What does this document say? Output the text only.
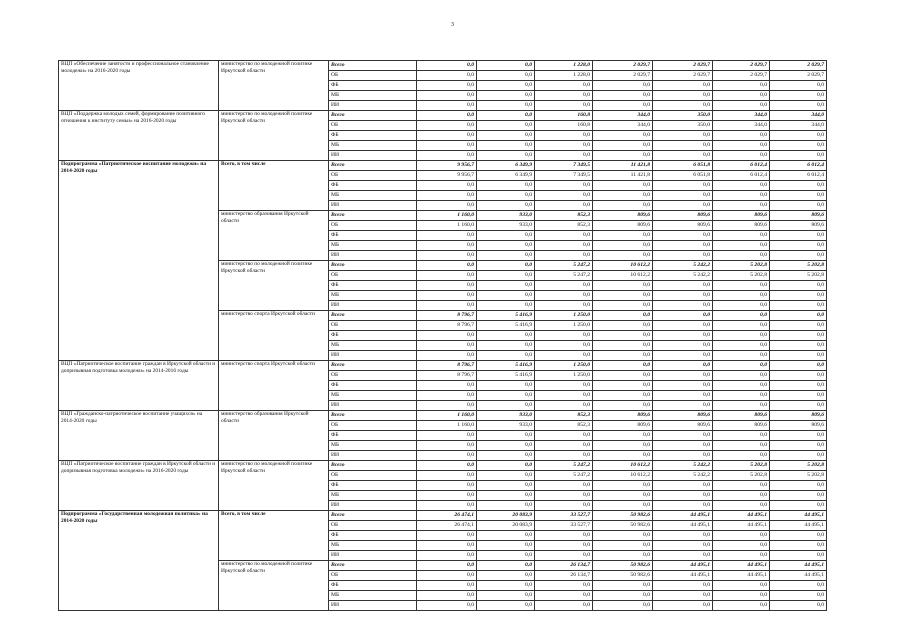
3
ВЦП «Обеспечение занятости и профессиональное становление молодежи» на 2016-2020 годы	министерство по молодежной политике Иркутской области	Всего	0,0	0,0	1 228,0	2 029,7	2 029,7	2 029,7	2 029,7
		ОБ	0,0	0,0	1 228,0	2 029,7	2 029,7	2 029,7	2 029,7
		ФБ	0,0	0,0	0,0	0,0	0,0	0,0	0,0
		МБ	0,0	0,0	0,0	0,0	0,0	0,0	0,0
		ИИ	0,0	0,0	0,0	0,0	0,0	0,0	0,0
ВЦП «Поддержка молодых семей, формирование позитивного отношения к институту семьи» на 2016-2020 годы	министерство по молодежной политике Иркутской области	Всего	0,0	0,0	160,8	344,0	350,0	344,0	344,0
		ОБ	0,0	0,0	160,8	344,0	350,0	344,0	344,0
		ФБ	0,0	0,0	0,0	0,0	0,0	0,0	0,0
		МБ	0,0	0,0	0,0	0,0	0,0	0,0	0,0
		ИИ	0,0	0,0	0,0	0,0	0,0	0,0	0,0
Подпрограмма «Патриотическое воспитание молодежи» на 2014-2020 годы	Всего, в том числе	Всего	9 956,7	6 349,9	7 349,5	11 421,8	6 051,8	6 012,4	6 012,4
		ОБ	9 956,7	6 349,9	7 349,5	11 421,8	6 051,8	6 012,4	6 012,4
		ФБ	0,0	0,0	0,0	0,0	0,0	0,0	0,0
		МБ	0,0	0,0	0,0	0,0	0,0	0,0	0,0
		ИИ	0,0	0,0	0,0	0,0	0,0	0,0	0,0
	министерство образования Иркутской области	Всего	1 160,0	933,0	852,3	809,6	809,6	809,6	809,6
		ОБ	1 160,0	933,0	852,3	809,6	809,6	809,6	809,6
		ФБ	0,0	0,0	0,0	0,0	0,0	0,0	0,0
		МБ	0,0	0,0	0,0	0,0	0,0	0,0	0,0
		ИИ	0,0	0,0	0,0	0,0	0,0	0,0	0,0
	министерство по молодежной политике Иркутской области	Всего	0,0	0,0	5 247,2	10 612,2	5 242,2	5 202,8	5 202,8
		ОБ	0,0	0,0	5 247,2	10 612,2	5 242,2	5 202,8	5 202,8
		ФБ	0,0	0,0	0,0	0,0	0,0	0,0	0,0
		МБ	0,0	0,0	0,0	0,0	0,0	0,0	0,0
		ИИ	0,0	0,0	0,0	0,0	0,0	0,0	0,0
	министерство спорта Иркутской области	Всего	8 796,7	5 416,9	1 250,0	0,0	0,0	0,0	0,0
		ОБ	8 796,7	5 416,9	1 250,0	0,0	0,0	0,0	0,0
		ФБ	0,0	0,0	0,0	0,0	0,0	0,0	0,0
		МБ	0,0	0,0	0,0	0,0	0,0	0,0	0,0
		ИИ	0,0	0,0	0,0	0,0	0,0	0,0	0,0
ВЦП «Патриотическое воспитание граждан в Иркутской области и допризывная подготовка молодежи» на 2014-2016 годы	министерство спорта Иркутской области	Всего	8 796,7	5 416,9	1 250,0	0,0	0,0	0,0	0,0
		ОБ	8 796,7	5 416,9	1 250,0	0,0	0,0	0,0	0,0
		ФБ	0,0	0,0	0,0	0,0	0,0	0,0	0,0
		МБ	0,0	0,0	0,0	0,0	0,0	0,0	0,0
		ИИ	0,0	0,0	0,0	0,0	0,0	0,0	0,0
ВЦП «Гражданско-патриотическое воспитание учащихся» на 2014-2020 годы	министерство образования Иркутской области	Всего	1 160,0	933,0	852,3	809,6	809,6	809,6	809,6
		ОБ	1 160,0	933,0	852,3	809,6	809,6	809,6	809,6
		ФБ	0,0	0,0	0,0	0,0	0,0	0,0	0,0
		МБ	0,0	0,0	0,0	0,0	0,0	0,0	0,0
		ИИ	0,0	0,0	0,0	0,0	0,0	0,0	0,0
ВЦП «Патриотическое воспитание граждан в Иркутской области и допризывная подготовка молодежи» на 2016-2020 годы	министерство по молодежной политике Иркутской области	Всего	0,0	0,0	5 247,2	10 612,2	5 242,2	5 202,8	5 202,8
		ОБ	0,0	0,0	5 247,2	10 612,2	5 242,2	5 202,8	5 202,8
		ФБ	0,0	0,0	0,0	0,0	0,0	0,0	0,0
		МБ	0,0	0,0	0,0	0,0	0,0	0,0	0,0
		ИИ	0,0	0,0	0,0	0,0	0,0	0,0	0,0
Подпрограмма «Государственная молодежная политика» на 2014-2020 годы	Всего, в том числе	Всего	26 474,1	20 083,9	33 527,7	50 982,6	44 495,1	44 495,1	44 495,1
		ОБ	26 474,1	20 083,9	33 527,7	50 982,6	44 495,1	44 495,1	44 495,1
		ФБ	0,0	0,0	0,0	0,0	0,0	0,0	0,0
		МБ	0,0	0,0	0,0	0,0	0,0	0,0	0,0
		ИИ	0,0	0,0	0,0	0,0	0,0	0,0	0,0
	министерство по молодежной политике Иркутской области	Всего	0,0	0,0	26 134,7	50 982,6	44 495,1	44 495,1	44 495,1
		ОБ	0,0	0,0	26 134,7	50 982,6	44 495,1	44 495,1	44 495,1
		ФБ	0,0	0,0	0,0	0,0	0,0	0,0	0,0
		МБ	0,0	0,0	0,0	0,0	0,0	0,0	0,0
		ИИ	0,0	0,0	0,0	0,0	0,0	0,0	0,0
